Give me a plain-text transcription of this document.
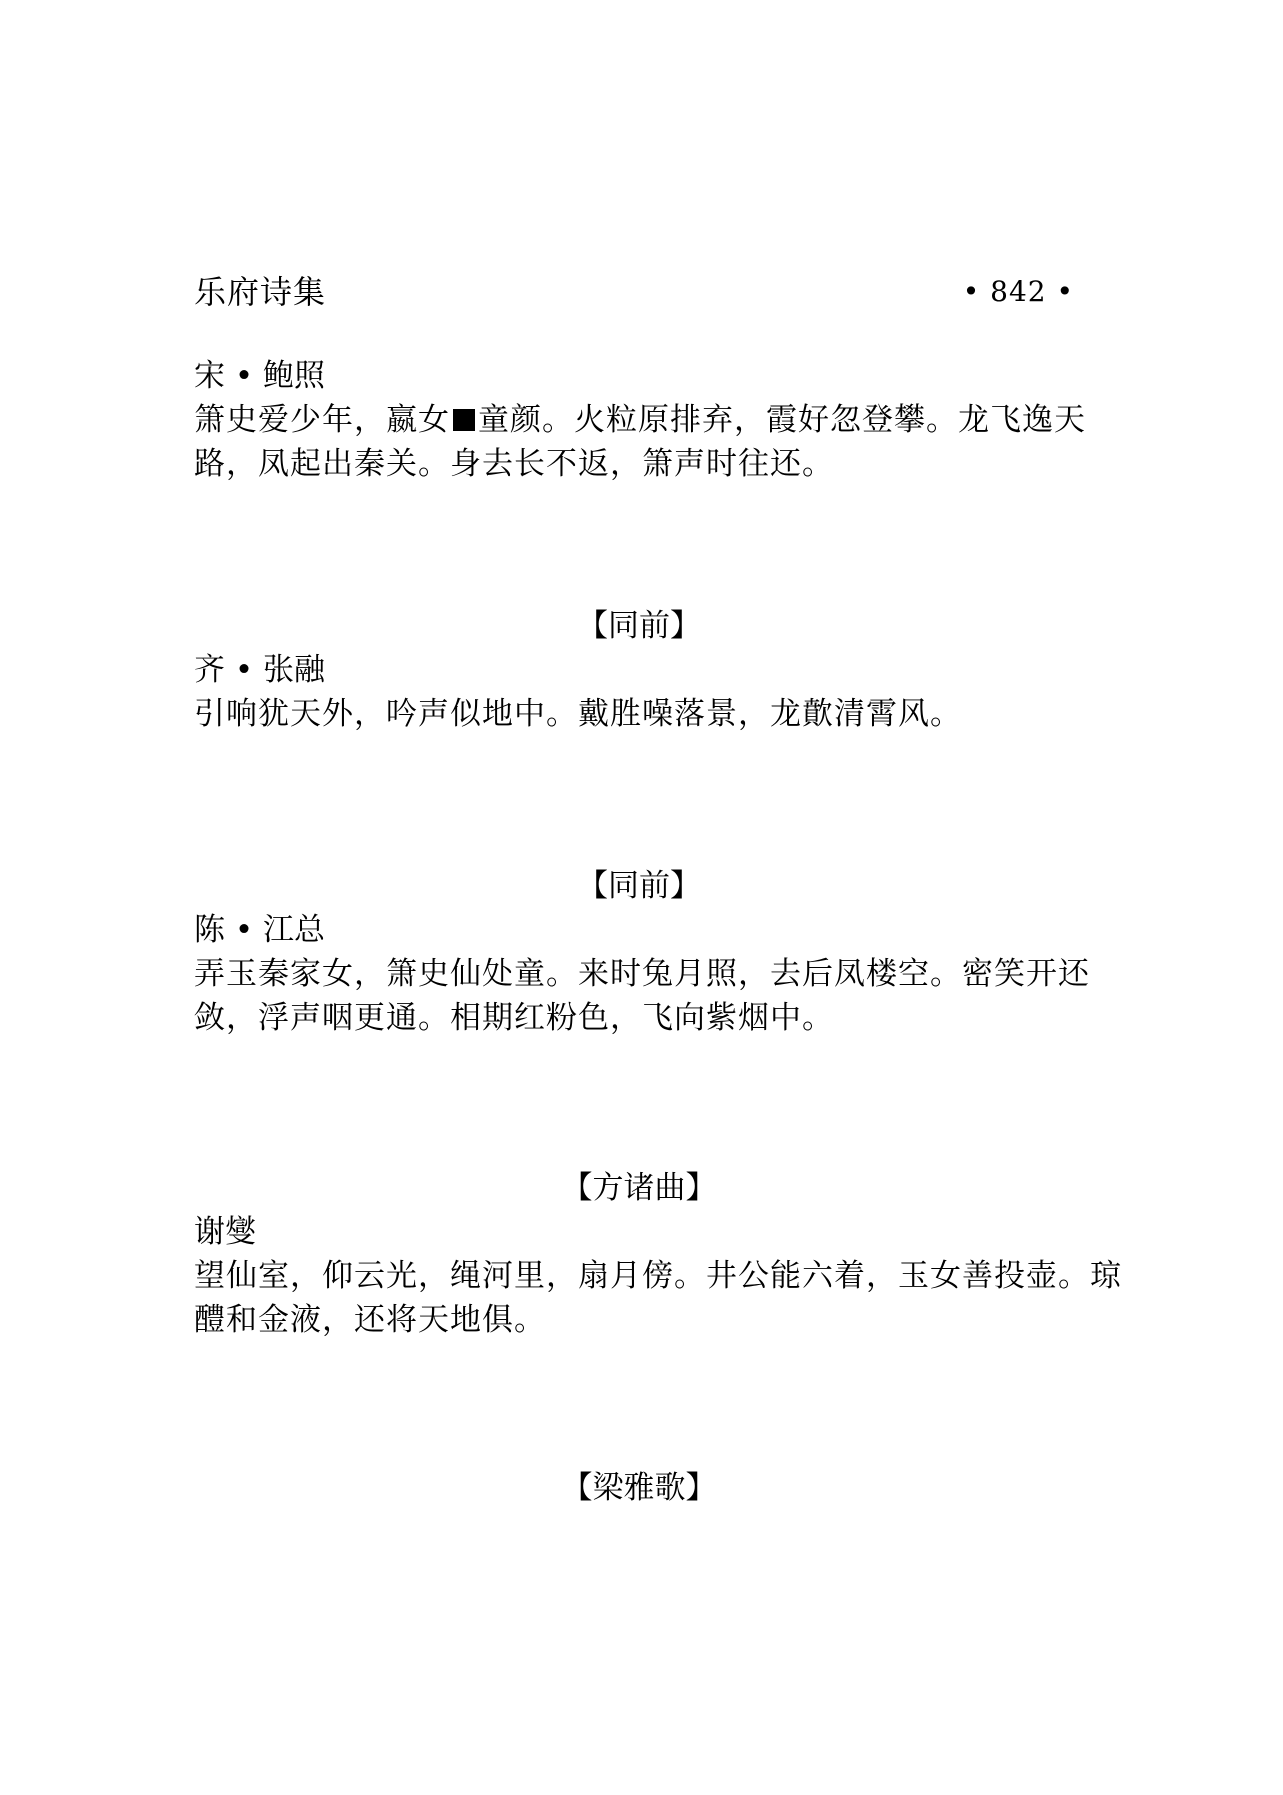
乐府诗集	• 842 •
宋 • 鲍照
箫史爱少年，嬴女 童颜。火粒原排弃，霞好忽登攀。龙飞逸天路，凤起出秦关。身去长不返，箫声时往还。
【同前】
齐 • 张融
引响犹天外，吟声似地中。戴胜噪落景，龙歕清霄风。
【同前】
陈 • 江总
弄玉秦家女，箫史仙处童。来时兔月照，去后凤楼空。密笑开还敛，浮声咽更通。相期红粉色，飞向紫烟中。
【方诸曲】
谢燮
望仙室，仰云光，绳河里，扇月傍。井公能六着，玉女善投壶。琼醴和金液，还将天地俱。
【梁雅歌】
